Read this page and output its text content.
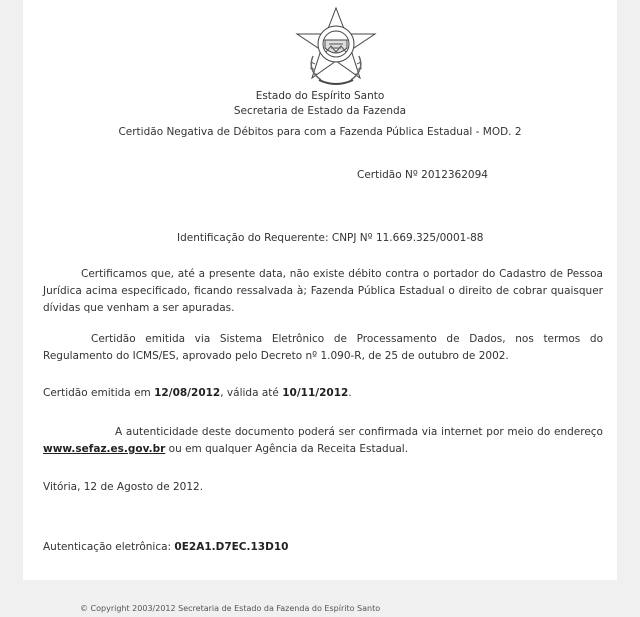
Estado do Espírito Santo
Secretaria de Estado da Fazenda
Certidão Negativa de Débitos para com a Fazenda Pública Estadual - MOD. 2
Certidão Nº 2012362094
Identificação do Requerente: CNPJ Nº 11.669.325/0001-88
Certificamos que, até a presente data, não existe débito contra o portador do Cadastro de Pessoa Jurídica acima especificado, ficando ressalvada à; Fazenda Pública Estadual o direito de cobrar quaisquer dívidas que venham a ser apuradas.
Certidão emitida via Sistema Eletrônico de Processamento de Dados, nos termos do Regulamento do ICMS/ES, aprovado pelo Decreto nº 1.090-R, de 25 de outubro de 2002.
Certidão emitida em 12/08/2012, válida até 10/11/2012.
A autenticidade deste documento poderá ser confirmada via internet por meio do endereço www.sefaz.es.gov.br ou em qualquer Agência da Receita Estadual.
Vitória, 12 de Agosto de 2012.
Autenticação eletrônica: 0E2A1.D7EC.13D10
© Copyright 2003/2012 Secretaria de Estado da Fazenda do Espírito Santo
